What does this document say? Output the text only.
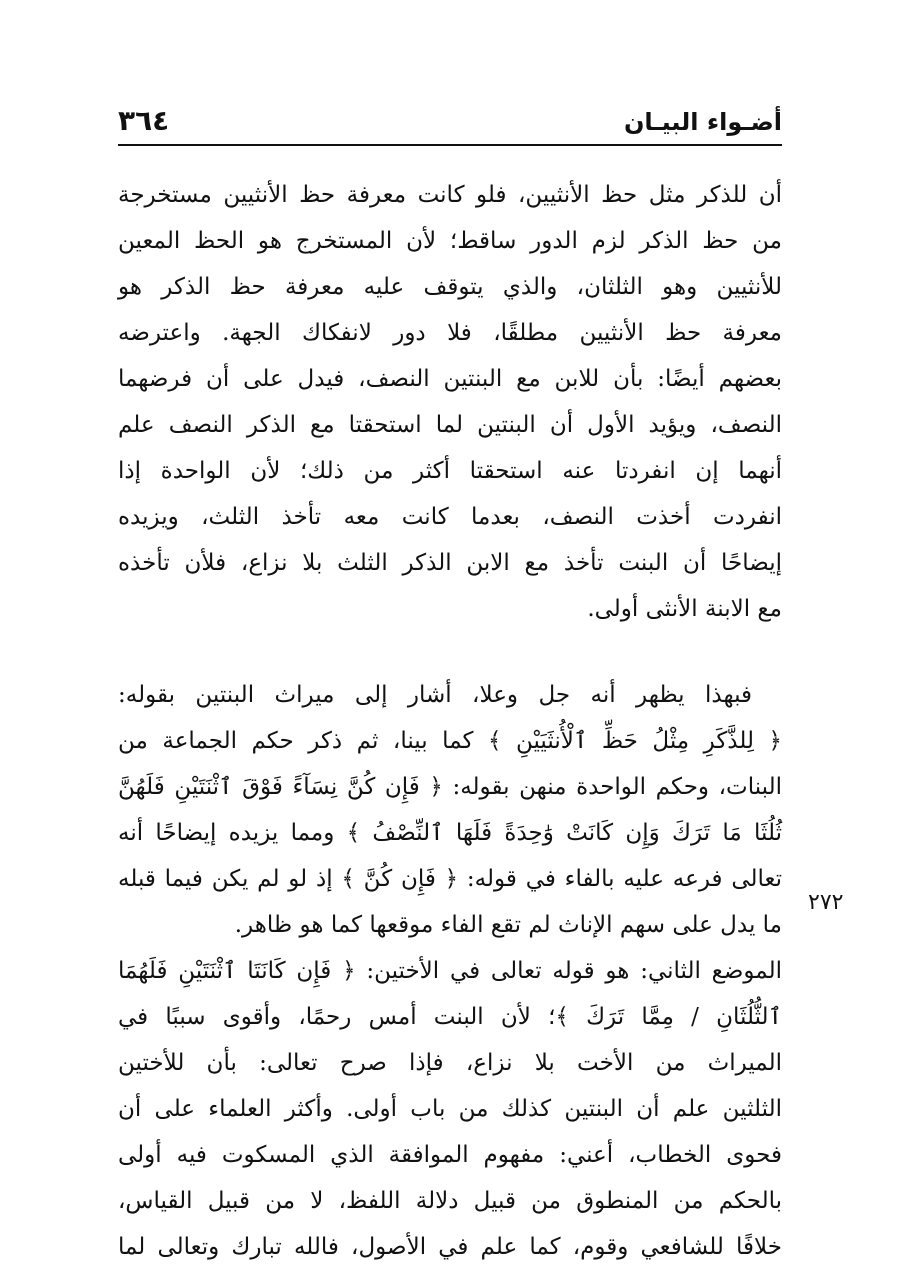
٣٦٤	أضـواء البيـان
أن للذكر مثل حظ الأنثيين، فلو كانت معرفة حظ الأنثيين مستخرجة
من حظ الذكر لزم الدور ساقط؛ لأن المستخرج هو الحظ المعين
للأنثيين وهو الثلثان، والذي يتوقف عليه معرفة حظ الذكر هو
معرفة حظ الأنثيين مطلقًا، فلا دور لانفكاك الجهة. واعترضه
بعضهم أيضًا: بأن للابن مع البنتين النصف، فيدل على أن فرضهما
النصف، ويؤيد الأول أن البنتين لما استحقتا مع الذكر النصف علم
أنهما إن انفردتا عنه استحقتا أكثر من ذلك؛ لأن الواحدة إذا
انفردت أخذت النصف، بعدما كانت معه تأخذ الثلث، ويزيده
إيضاحًا أن البنت تأخذ مع الابن الذكر الثلث بلا نزاع، فلأن تأخذه
مع الابنة الأنثى أولى.
فبهذا يظهر أنه جل وعلا، أشار إلى ميراث البنتين بقوله:
﴿ لِلذَّكَرِ مِثْلُ حَظِّ ٱلْأُنثَيَيْنِ ﴾ كما بينا، ثم ذكر حكم الجماعة من
البنات، وحكم الواحدة منهن بقوله: ﴿ فَإِن كُنَّ نِسَآءً فَوْقَ ٱثْنَتَيْنِ فَلَهُنَّ
ثُلُثَا مَا تَرَكَ وَإِن كَانَتْ وَٰحِدَةً فَلَهَا ٱلنِّصْفُ ﴾ ومما يزيده إيضاحًا أنه
تعالى فرعه عليه بالفاء في قوله: ﴿ فَإِن كُنَّ ﴾ إذ لو لم يكن فيما قبله
ما يدل على سهم الإناث لم تقع الفاء موقعها كما هو ظاهر.
الموضع الثاني: هو قوله تعالى في الأختين: ﴿ فَإِن كَانَتَا ٱثْنَتَيْنِ فَلَهُمَا
ٱلثُّلُثَانِ / مِمَّا تَرَكَ ﴾؛ لأن البنت أمس رحمًا، وأقوى سببًا في
الميراث من الأخت بلا نزاع، فإذا صرح تعالى: بأن للأختين
الثلثين علم أن البنتين كذلك من باب أولى. وأكثر العلماء على أن
فحوى الخطاب، أعني: مفهوم الموافقة الذي المسكوت فيه أولى
بالحكم من المنطوق من قبيل دلالة اللفظ، لا من قبيل القياس،
خلافًا للشافعي وقوم، كما علم في الأصول، فالله تبارك وتعالى لما
٢٧٢
